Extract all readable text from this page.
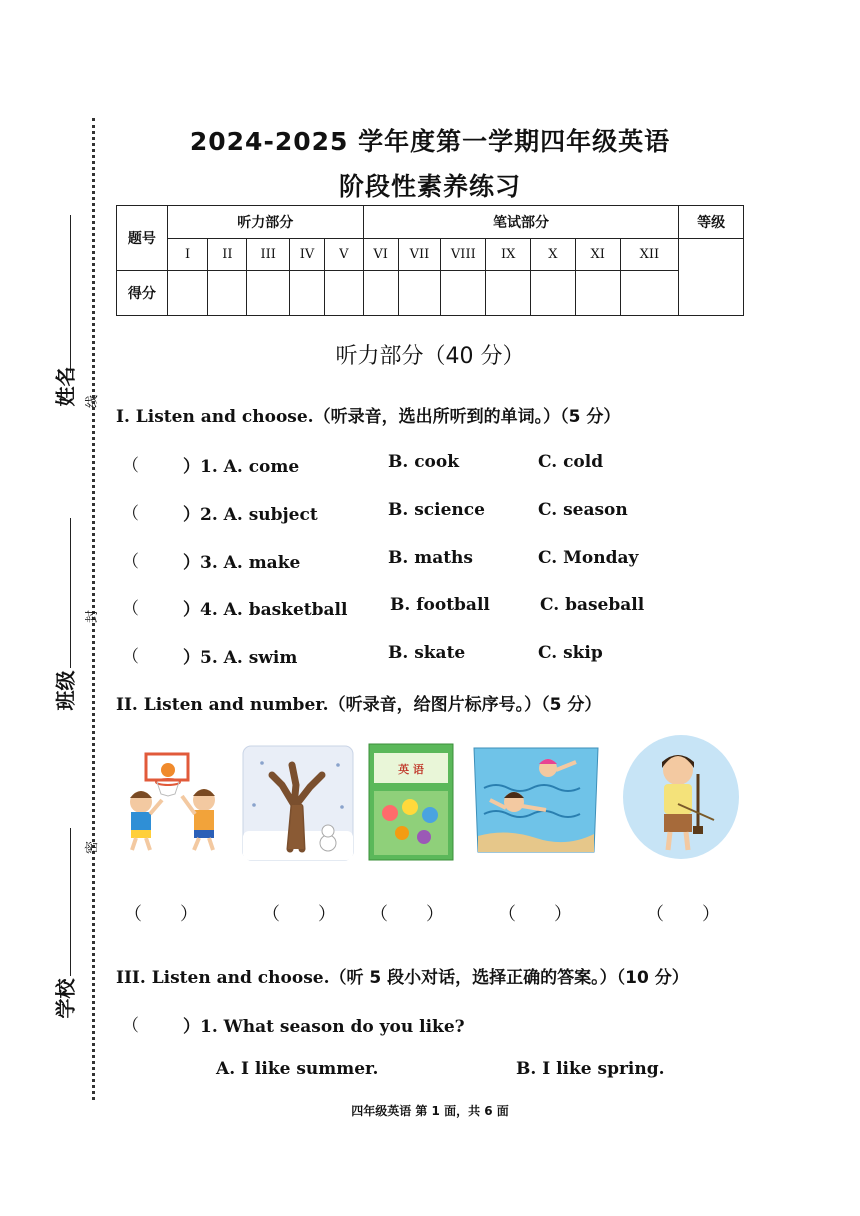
姓名
班级
学校
线
封
密
2024-2025 学年度第一学期四年级英语
阶段性素养练习
题号	听力部分					笔试部分							等级
	I	II	III	IV	V	VI	VII	VIII	IX	X	XI	XII	
得分													
听力部分（40 分）
I. Listen and choose.（听录音，选出所听到的单词。）（5 分）
（	）1. A. come	B. cook	C. cold
（	）2. A. subject	B. science	C. season
（	）3. A. make	B. maths	C. Monday
（	）4. A. basketball	B. football	C. baseball
（	）5. A. swim	B. skate	C. skip
II. Listen and number.（听录音，给图片标序号。）（5 分）
英 语
（ ）	（ ） （ ）	（ ）	（ ）
III. Listen and choose.（听 5 段小对话，选择正确的答案。）（10 分）
（	）1. What season do you like?
A. I like summer.	B. I like spring.
四年级英语 第 1 面，共 6 面
